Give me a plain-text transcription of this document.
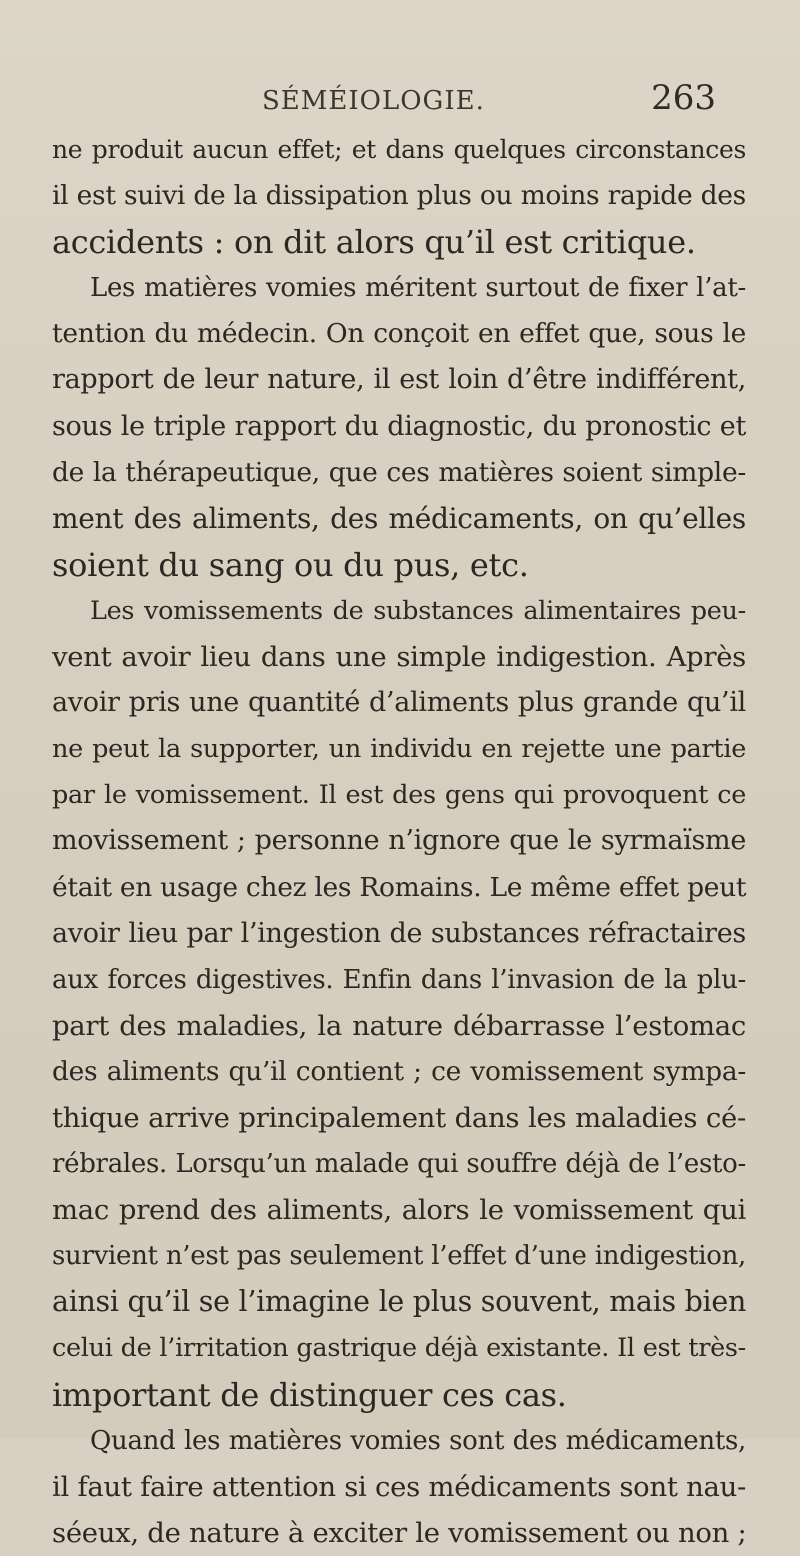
SÉMÉIOLOGIE.	263
ne produit aucun effet; et dans quelques circonstances
il est suivi de la dissipation plus ou moins rapide des
accidents : on dit alors qu’il est critique.
Les matières vomies méritent surtout de fixer l’at-
tention du médecin. On conçoit en effet que, sous le
rapport de leur nature, il est loin d’être indifférent,
sous le triple rapport du diagnostic, du pronostic et
de la thérapeutique, que ces matières soient simple-
ment des aliments, des médicaments, on qu’elles
soient du sang ou du pus, etc.
Les vomissements de substances alimentaires peu-
vent avoir lieu dans une simple indigestion. Après
avoir pris une quantité d’aliments plus grande qu’il
ne peut la supporter, un individu en rejette une partie
par le vomissement. Il est des gens qui provoquent ce
movissement ; personne n’ignore que le syrmaïsme
était en usage chez les Romains. Le même effet peut
avoir lieu par l’ingestion de substances réfractaires
aux forces digestives. Enfin dans l’invasion de la plu-
part des maladies, la nature débarrasse l’estomac
des aliments qu’il contient ; ce vomissement sympa-
thique arrive principalement dans les maladies cé-
rébrales. Lorsqu’un malade qui souffre déjà de l’esto-
mac prend des aliments, alors le vomissement qui
survient n’est pas seulement l’effet d’une indigestion,
ainsi qu’il se l’imagine le plus souvent, mais bien
celui de l’irritation gastrique déjà existante. Il est très-
important de distinguer ces cas.
Quand les matières vomies sont des médicaments,
il faut faire attention si ces médicaments sont nau-
séeux, de nature à exciter le vomissement ou non ;
